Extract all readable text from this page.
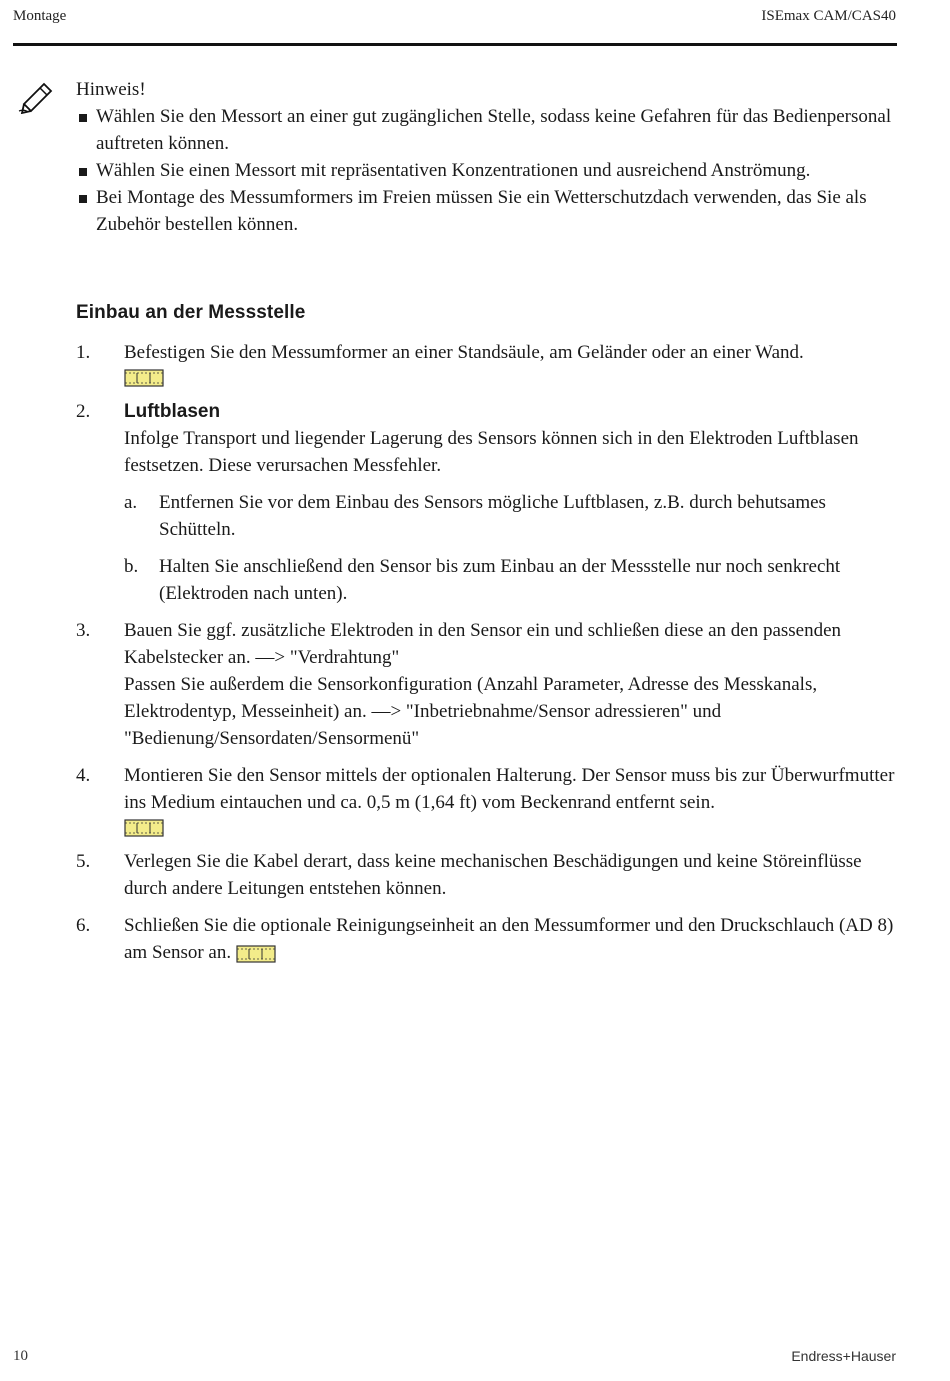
Montage	ISEmax CAM/CAS40
Hinweis!
Wählen Sie den Messort an einer gut zugänglichen Stelle, sodass keine Gefahren für das Bedienpersonal auftreten können.
Wählen Sie einen Messort mit repräsentativen Konzentrationen und ausreichend Anströmung.
Bei Montage des Messumformers im Freien müssen Sie ein Wetterschutzdach verwenden, das Sie als Zubehör bestellen können.
Einbau an der Messstelle
1. Befestigen Sie den Messumformer an einer Standsäule, am Geländer oder an einer Wand.
2. Luftblasen
Infolge Transport und liegender Lagerung des Sensors können sich in den Elektroden Luftblasen festsetzen. Diese verursachen Messfehler.
a. Entfernen Sie vor dem Einbau des Sensors mögliche Luftblasen, z.B. durch behutsames Schütteln.
b. Halten Sie anschließend den Sensor bis zum Einbau an der Messstelle nur noch senkrecht (Elektroden nach unten).
3. Bauen Sie ggf. zusätzliche Elektroden in den Sensor ein und schließen diese an den passenden Kabelstecker an. —> "Verdrahtung"
Passen Sie außerdem die Sensorkonfiguration (Anzahl Parameter, Adresse des Messkanals, Elektrodentyp, Messeinheit) an. —> "Inbetriebnahme/Sensor adressieren" und "Bedienung/Sensordaten/Sensormenü"
4. Montieren Sie den Sensor mittels der optionalen Halterung. Der Sensor muss bis zur Überwurfmutter ins Medium eintauchen und ca. 0,5 m (1,64 ft) vom Beckenrand entfernt sein.
5. Verlegen Sie die Kabel derart, dass keine mechanischen Beschädigungen und keine Störeinflüsse durch andere Leitungen entstehen können.
6. Schließen Sie die optionale Reinigungseinheit an den Messumformer und den Druckschlauch (AD 8) am Sensor an.
10	Endress+Hauser
